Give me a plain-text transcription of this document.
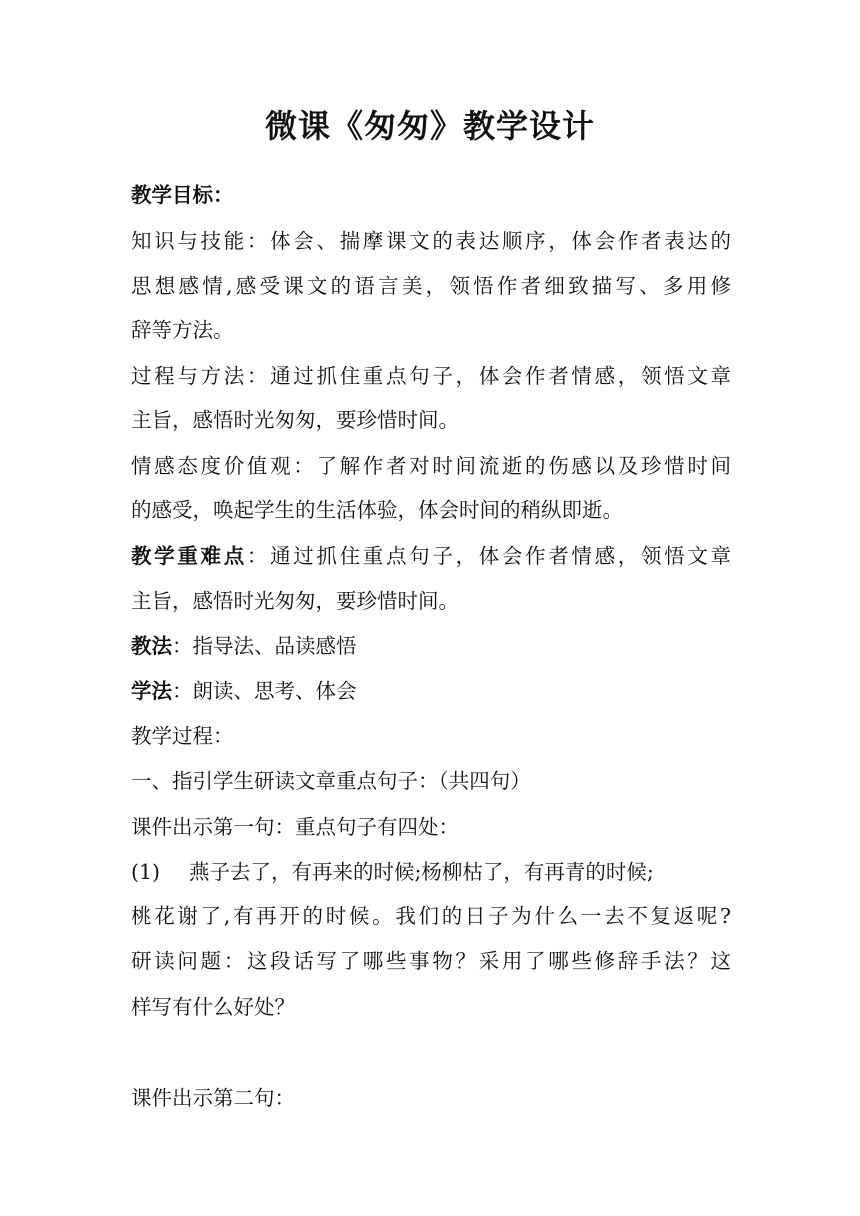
微课《匆匆》教学设计
教学目标：
知识与技能：体会、揣摩课文的表达顺序，体会作者表达的
思想感情,感受课文的语言美，领悟作者细致描写、多用修
辞等方法。
过程与方法：通过抓住重点句子，体会作者情感，领悟文章
主旨，感悟时光匆匆，要珍惜时间。
情感态度价值观：了解作者对时间流逝的伤感以及珍惜时间
的感受，唤起学生的生活体验，体会时间的稍纵即逝。
教学重难点：通过抓住重点句子，体会作者情感，领悟文章
主旨，感悟时光匆匆，要珍惜时间。
教法：指导法、品读感悟
学法：朗读、思考、体会
教学过程：
一、指引学生研读文章重点句子：（共四句）
课件出示第一句：重点句子有四处：
(1) 燕子去了，有再来的时候;杨柳枯了，有再青的时候;
桃花谢了,有再开的时候。我们的日子为什么一去不复返呢?
研读问题：这段话写了哪些事物？采用了哪些修辞手法？这
样写有什么好处？
课件出示第二句：
